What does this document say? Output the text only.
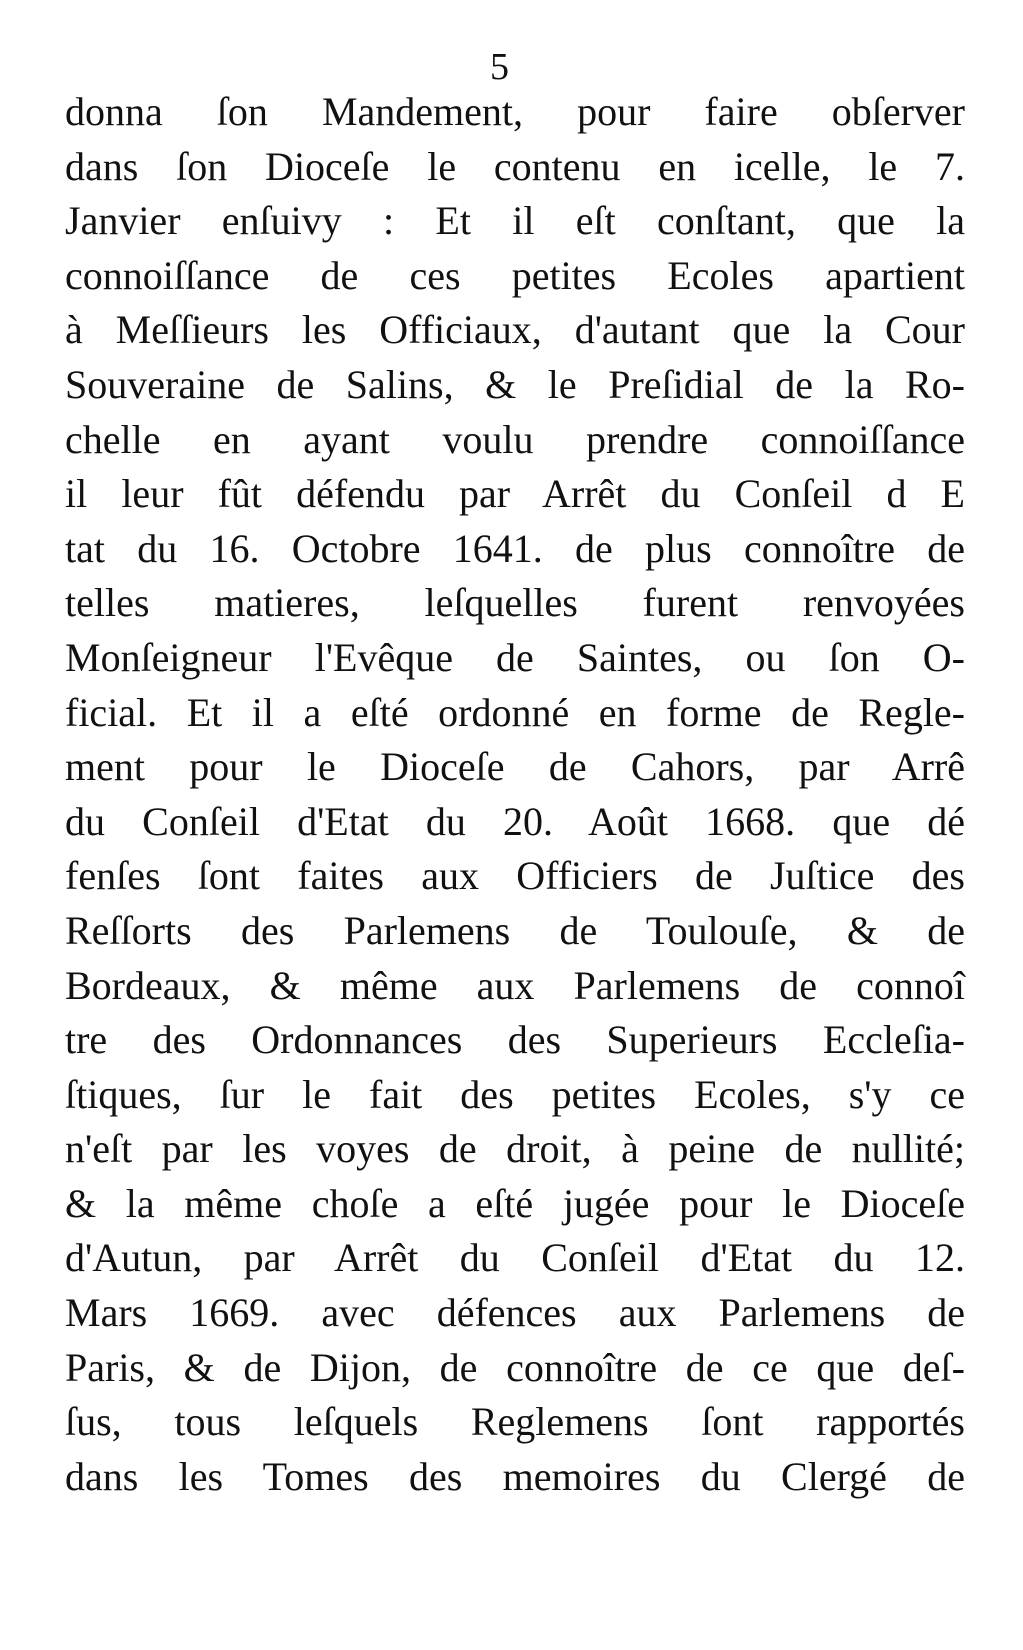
5
donna ſon Mandement, pour faire obſerver
dans ſon Dioceſe le contenu en icelle, le 7.
Janvier enſuivy : Et il eſt conſtant, que la
connoiſſance de ces petites Ecoles apartient
à Meſſieurs les Officiaux, d'autant que la Cour
Souveraine de Salins, & le Preſidial de la Ro-
chelle en ayant voulu prendre connoiſſance
il leur fût défendu par Arrêt du Conſeil d E
tat du 16. Octobre 1641. de plus connoître de
telles matieres, leſquelles furent renvoyées
Monſeigneur l'Evêque de Saintes, ou ſon O-
ficial. Et il a eſté ordonné en forme de Regle-
ment pour le Dioceſe de Cahors, par Arrê
du Conſeil d'Etat du 20. Août 1668. que dé
fenſes ſont faites aux Officiers de Juſtice des
Reſſorts des Parlemens de Toulouſe, & de
Bordeaux, & même aux Parlemens de connoî
tre des Ordonnances des Superieurs Eccleſia-
ſtiques, ſur le fait des petites Ecoles, s'y ce
n'eſt par les voyes de droit, à peine de nullité;
& la même choſe a eſté jugée pour le Dioceſe
d'Autun, par Arrêt du Conſeil d'Etat du 12.
Mars 1669. avec défences aux Parlemens de
Paris, & de Dijon, de connoître de ce que deſ-
ſus, tous leſquels Reglemens ſont rapportés
dans les Tomes des memoires du Clergé de
